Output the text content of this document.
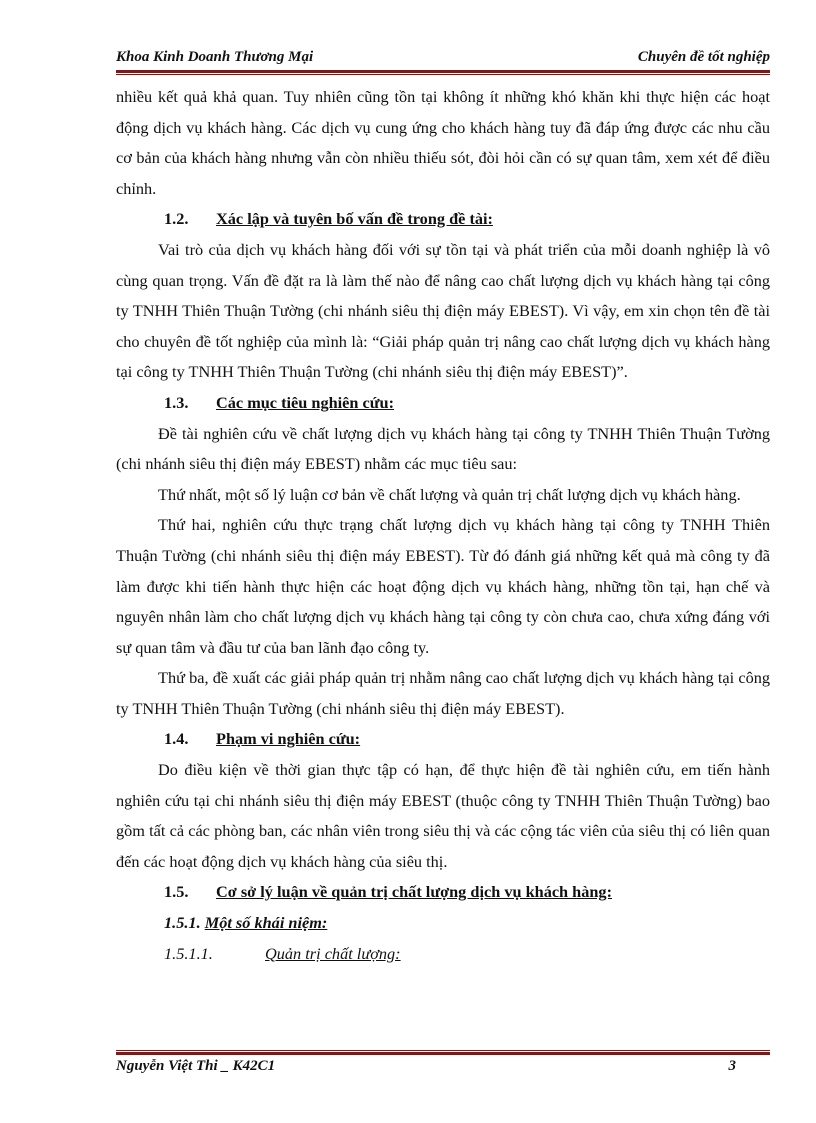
Khoa Kinh Doanh Thương Mại	Chuyên đề tốt nghiệp

nhiều kết quả khả quan. Tuy nhiên cũng tồn tại không ít những khó khăn khi thực hiện các hoạt động dịch vụ khách hàng. Các dịch vụ cung ứng cho khách hàng tuy đã đáp ứng được các nhu cầu cơ bản của khách hàng nhưng vẫn còn nhiều thiếu sót, đòi hỏi cần có sự quan tâm, xem xét để điều chỉnh.

1.2. Xác lập và tuyên bố vấn đề trong đề tài:

Vai trò của dịch vụ khách hàng đối với sự tồn tại và phát triển của mỗi doanh nghiệp là vô cùng quan trọng. Vấn đề đặt ra là làm thế nào để nâng cao chất lượng dịch vụ khách hàng tại công ty TNHH Thiên Thuận Tường (chi nhánh siêu thị điện máy EBEST). Vì vậy, em xin chọn tên đề tài cho chuyên đề tốt nghiệp của mình là: “Giải pháp quản trị nâng cao chất lượng dịch vụ khách hàng tại công ty TNHH Thiên Thuận Tường (chi nhánh siêu thị điện máy EBEST)”.

1.3. Các mục tiêu nghiên cứu:

Đề tài nghiên cứu về chất lượng dịch vụ khách hàng tại công ty TNHH Thiên Thuận Tường (chi nhánh siêu thị điện máy EBEST) nhằm các mục tiêu sau:

Thứ nhất, một số lý luận cơ bản về chất lượng và quản trị chất lượng dịch vụ khách hàng.

Thứ hai, nghiên cứu thực trạng chất lượng dịch vụ khách hàng tại công ty TNHH Thiên Thuận Tường (chi nhánh siêu thị điện máy EBEST). Từ đó đánh giá những kết quả mà công ty đã làm được khi tiến hành thực hiện các hoạt động dịch vụ khách hàng, những tồn tại, hạn chế và nguyên nhân làm cho chất lượng dịch vụ khách hàng tại công ty còn chưa cao, chưa xứng đáng với sự quan tâm và đầu tư của ban lãnh đạo công ty.

Thứ ba, đề xuất các giải pháp quản trị nhằm nâng cao chất lượng dịch vụ khách hàng tại công ty TNHH Thiên Thuận Tường (chi nhánh siêu thị điện máy EBEST).

1.4. Phạm vi nghiên cứu:

Do điều kiện về thời gian thực tập có hạn, để thực hiện đề tài nghiên cứu, em tiến hành nghiên cứu tại chi nhánh siêu thị điện máy EBEST (thuộc công ty TNHH Thiên Thuận Tường) bao gồm tất cả các phòng ban, các nhân viên trong siêu thị và các cộng tác viên của siêu thị có liên quan đến các hoạt động dịch vụ khách hàng của siêu thị.

1.5. Cơ sở lý luận về quản trị chất lượng dịch vụ khách hàng:

1.5.1. Một số khái niệm:

1.5.1.1.	Quản trị chất lượng:

Nguyễn Việt Thi _ K42C1	3
